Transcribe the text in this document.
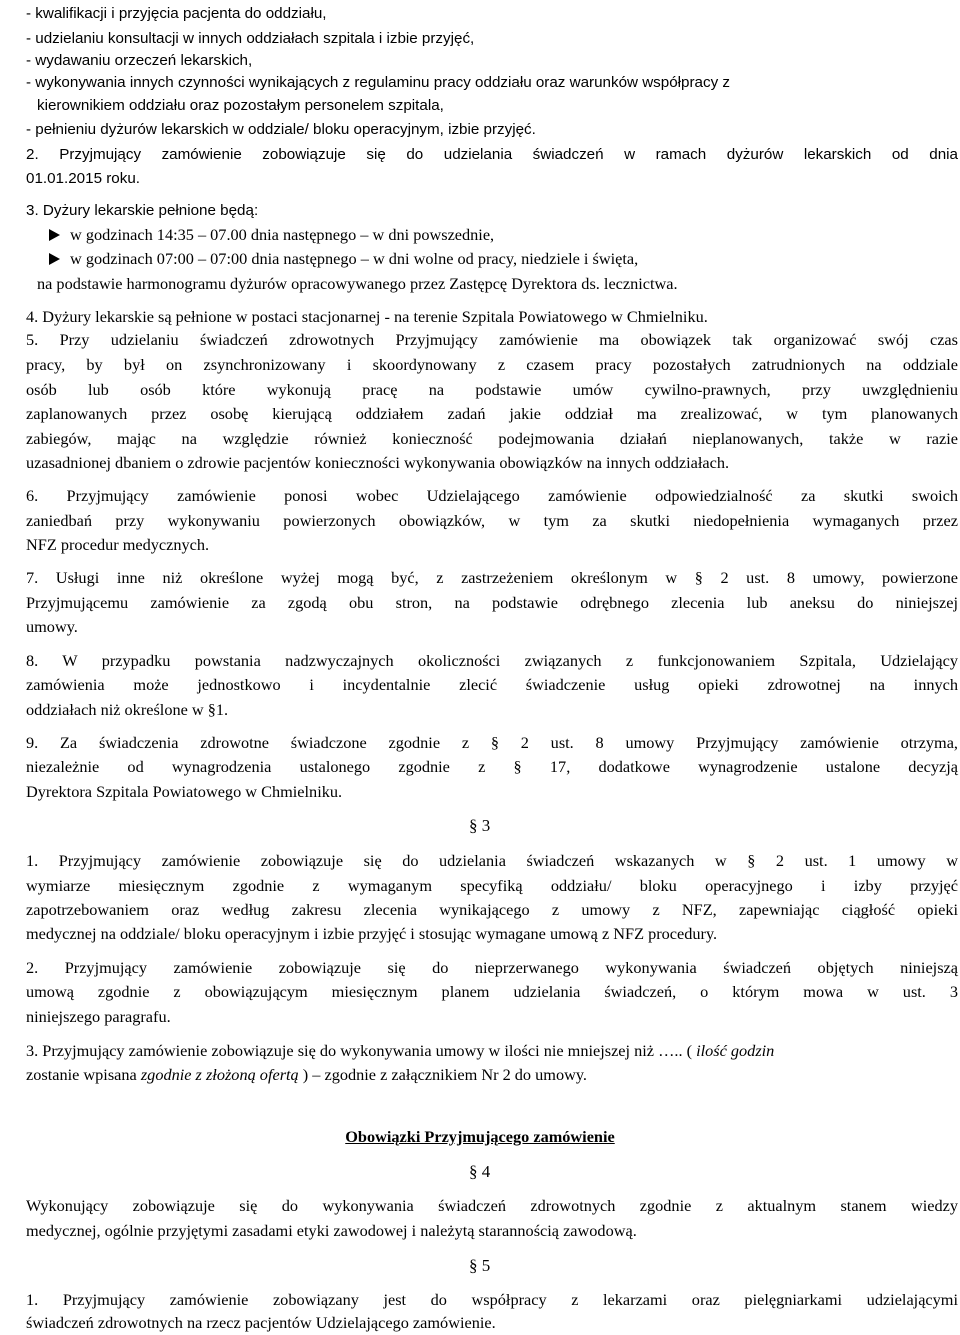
- kwalifikacji i przyjęcia pacjenta do oddziału,
- udzielaniu konsultacji w innych oddziałach szpitala i izbie przyjęć,
- wydawaniu orzeczeń lekarskich,
- wykonywania innych czynności wynikających z regulaminu pracy oddziału oraz warunków współpracy z
kierownikiem oddziału oraz pozostałym personelem szpitala,
- pełnieniu dyżurów lekarskich w oddziale/ bloku operacyjnym, izbie przyjęć.
2. Przyjmujący zamówienie zobowiązuje się do udzielania świadczeń w ramach dyżurów lekarskich od dnia
01.01.2015 roku.
3. Dyżury lekarskie pełnione będą:
w godzinach 14:35 – 07.00 dnia następnego – w dni powszednie,
w godzinach 07:00 – 07:00 dnia następnego – w dni wolne od pracy, niedziele i święta,
na podstawie harmonogramu dyżurów opracowywanego przez Zastępcę Dyrektora ds. lecznictwa.
4. Dyżury lekarskie są pełnione w postaci stacjonarnej - na terenie Szpitala Powiatowego w Chmielniku.
5. Przy udzielaniu świadczeń zdrowotnych Przyjmujący zamówienie ma obowiązek tak organizować swój czas
pracy, by był on zsynchronizowany i skoordynowany z czasem pracy pozostałych zatrudnionych na oddziale
osób lub osób które wykonują pracę na podstawie umów cywilno-prawnych, przy uwzględnieniu
zaplanowanych przez osobę kierującą oddziałem zadań jakie oddział ma zrealizować, w tym planowanych
zabiegów, mając na względzie również konieczność podejmowania działań nieplanowanych, także w razie
uzasadnionej dbaniem o zdrowie pacjentów konieczności wykonywania obowiązków na innych oddziałach.
6. Przyjmujący zamówienie ponosi wobec Udzielającego zamówienie odpowiedzialność za skutki swoich
zaniedbań przy wykonywaniu powierzonych obowiązków, w tym za skutki niedopełnienia wymaganych przez
NFZ procedur medycznych.
7. Usługi inne niż określone wyżej mogą być, z zastrzeżeniem określonym w § 2 ust. 8 umowy, powierzone
Przyjmującemu zamówienie za zgodą obu stron, na podstawie odrębnego zlecenia lub aneksu do niniejszej
umowy.
8. W przypadku powstania nadzwyczajnych okoliczności związanych z funkcjonowaniem Szpitala, Udzielający
zamówienia może jednostkowo i incydentalnie zlecić świadczenie usług opieki zdrowotnej na innych
oddziałach niż określone w §1.
9. Za świadczenia zdrowotne świadczone zgodnie z § 2 ust. 8 umowy Przyjmujący zamówienie otrzyma,
niezależnie od wynagrodzenia ustalonego zgodnie z § 17, dodatkowe wynagrodzenie ustalone decyzją
Dyrektora Szpitala Powiatowego w Chmielniku.
§ 3
1. Przyjmujący zamówienie zobowiązuje się do udzielania świadczeń wskazanych w § 2 ust. 1 umowy w
wymiarze miesięcznym zgodnie z wymaganym specyfiką oddziału/ bloku operacyjnego i izby przyjęć
zapotrzebowaniem oraz według zakresu zlecenia wynikającego z umowy z NFZ, zapewniając ciągłość opieki
medycznej na oddziale/ bloku operacyjnym i izbie przyjęć i stosując wymagane umową z NFZ procedury.
2. Przyjmujący zamówienie zobowiązuje się do nieprzerwanego wykonywania świadczeń objętych niniejszą
umową zgodnie z obowiązującym miesięcznym planem udzielania świadczeń, o którym mowa w ust. 3
niniejszego paragrafu.
3. Przyjmujący zamówienie zobowiązuje się do wykonywania umowy w ilości nie mniejszej niż ….. ( ilość godzin
zostanie wpisana zgodnie z złożoną ofertą ) – zgodnie z załącznikiem Nr 2 do umowy.
Obowiązki Przyjmującego zamówienie
§ 4
Wykonujący zobowiązuje się do wykonywania świadczeń zdrowotnych zgodnie z aktualnym stanem wiedzy
medycznej, ogólnie przyjętymi zasadami etyki zawodowej i należytą starannością zawodową.
§ 5
1. Przyjmujący zamówienie zobowiązany jest do współpracy z lekarzami oraz pielęgniarkami udzielającymi
świadczeń zdrowotnych na rzecz pacjentów Udzielającego zamówienie.
